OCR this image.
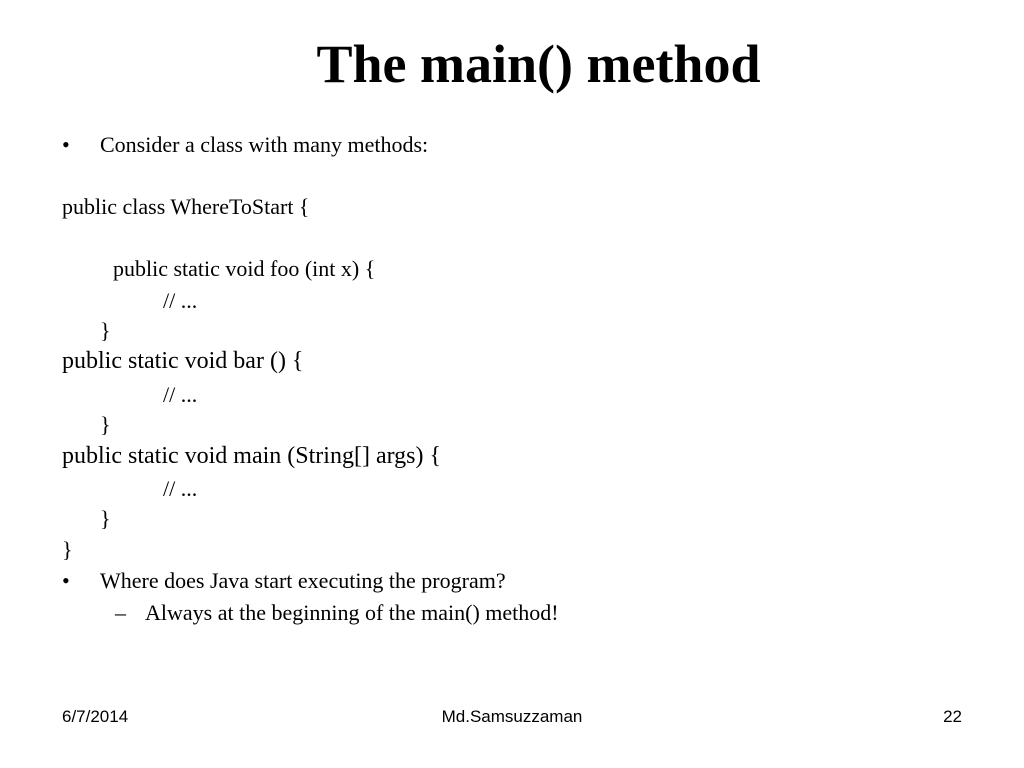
The main() method
• Consider a class with many methods:
public class WhereToStart {
public static void foo (int x) {
// ...
}
public static void bar () {
// ...
}
public static void main (String[] args) {
// ...
}
}
• Where does Java start executing the program?
– Always at the beginning of the main() method!
6/7/2014	Md.Samsuzzaman	22
